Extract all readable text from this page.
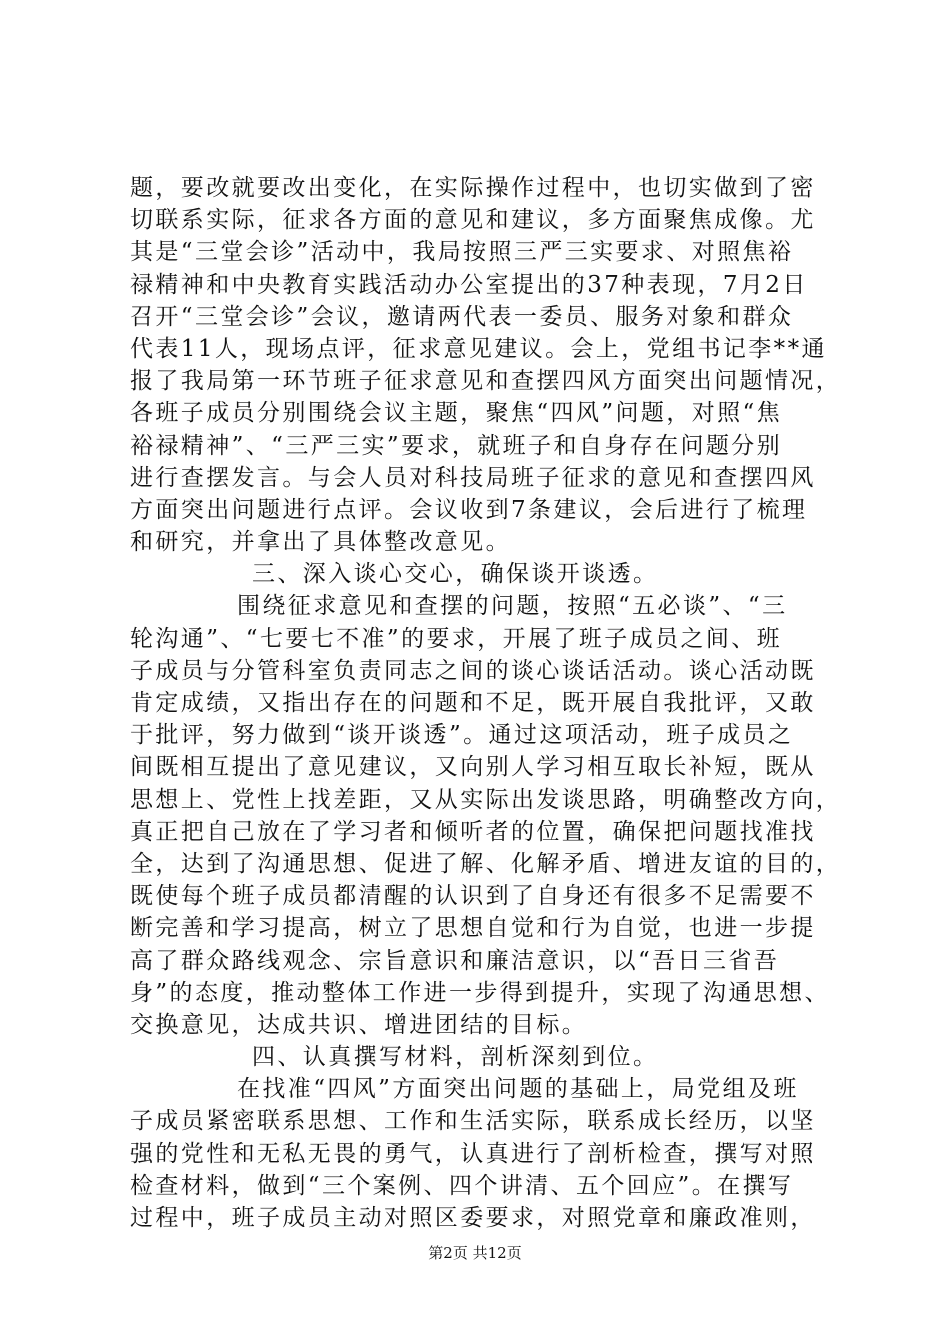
题，要改就要改出变化，在实际操作过程中，也切实做到了密
切联系实际，征求各方面的意见和建议，多方面聚焦成像。尤
其是“三堂会诊”活动中，我局按照三严三实要求、对照焦裕
禄精神和中央教育实践活动办公室提出的37种表现，7月2日
召开“三堂会诊”会议，邀请两代表一委员、服务对象和群众
代表11人，现场点评，征求意见建议。会上，党组书记李**通
报了我局第一环节班子征求意见和查摆四风方面突出问题情况，
各班子成员分别围绕会议主题，聚焦“四风”问题，对照“焦
裕禄精神”、“三严三实”要求，就班子和自身存在问题分别
进行查摆发言。与会人员对科技局班子征求的意见和查摆四风
方面突出问题进行点评。会议收到7条建议，会后进行了梳理
和研究，并拿出了具体整改意见。
三、深入谈心交心，确保谈开谈透。
围绕征求意见和查摆的问题，按照“五必谈”、“三
轮沟通”、“七要七不准”的要求，开展了班子成员之间、班
子成员与分管科室负责同志之间的谈心谈话活动。谈心活动既
肯定成绩，又指出存在的问题和不足，既开展自我批评，又敢
于批评，努力做到“谈开谈透”。通过这项活动，班子成员之
间既相互提出了意见建议，又向别人学习相互取长补短，既从
思想上、党性上找差距，又从实际出发谈思路，明确整改方向，
真正把自己放在了学习者和倾听者的位置，确保把问题找准找
全，达到了沟通思想、促进了解、化解矛盾、增进友谊的目的，
既使每个班子成员都清醒的认识到了自身还有很多不足需要不
断完善和学习提高，树立了思想自觉和行为自觉，也进一步提
高了群众路线观念、宗旨意识和廉洁意识，以“吾日三省吾
身”的态度，推动整体工作进一步得到提升，实现了沟通思想、
交换意见，达成共识、增进团结的目标。
四、认真撰写材料，剖析深刻到位。
在找准“四风”方面突出问题的基础上，局党组及班
子成员紧密联系思想、工作和生活实际，联系成长经历，以坚
强的党性和无私无畏的勇气，认真进行了剖析检查，撰写对照
检查材料，做到“三个案例、四个讲清、五个回应”。在撰写
过程中，班子成员主动对照区委要求，对照党章和廉政准则，
第2页 共12页
